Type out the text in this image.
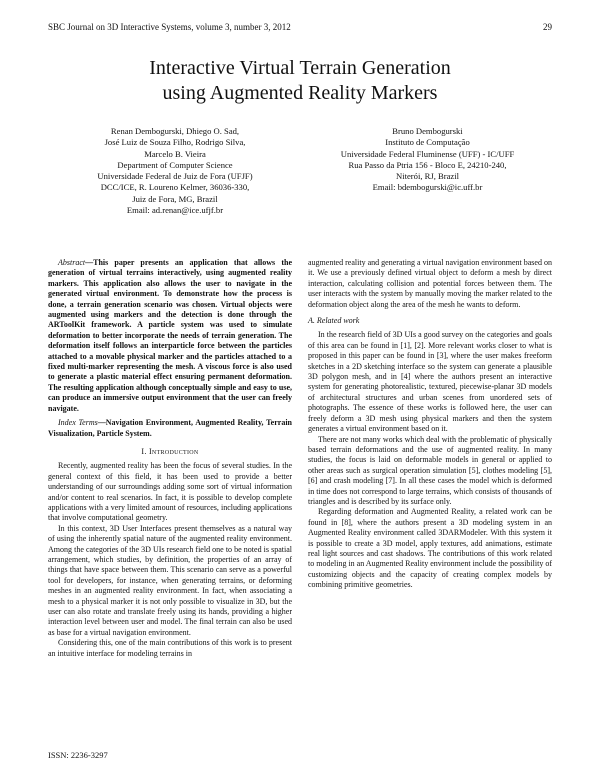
SBC Journal on 3D Interactive Systems, volume 3, number 3, 2012	29
Interactive Virtual Terrain Generation
using Augmented Reality Markers
Renan Dembogurski, Dhiego O. Sad,
José Luiz de Souza Filho, Rodrigo Silva,
Marcelo B. Vieira
Department of Computer Science
Universidade Federal de Juiz de Fora (UFJF)
DCC/ICE, R. Loureno Kelmer, 36036-330,
Juiz de Fora, MG, Brazil
Email: ad.renan@ice.ufjf.br
Bruno Dembogurski
Instituto de Computação
Universidade Federal Fluminense (UFF) - IC/UFF
Rua Passo da Ptria 156 - Bloco E, 24210-240,
Niterói, RJ, Brazil
Email: bdembogurski@ic.uff.br

Abstract—This paper presents an application that allows the generation of virtual terrains interactively, using augmented reality markers. This application also allows the user to navigate in the generated virtual environment. To demonstrate how the process is done, a terrain generation scenario was chosen. Virtual objects were augmented using markers and the detection is done through the ARToolKit framework. A particle system was used to simulate deformation to better incorporate the needs of terrain generation. The deformation itself follows an interparticle force between the particles attached to a movable physical marker and the particles attached to a fixed multi-marker representing the mesh. A viscous force is also used to generate a plastic material effect ensuring permanent deformation. The resulting application although conceptually simple and easy to use, can produce an immersive output environment that the user can freely navigate.

Index Terms—Navigation Environment, Augmented Reality, Terrain Visualization, Particle System.

I. Introduction

Recently, augmented reality has been the focus of several studies. In the general context of this field, it has been used to provide a better understanding of our surroundings adding some sort of virtual information and/or content to real scenarios. In fact, it is possible to develop complete applications with a very limited amount of resources, including applications that involve computational geometry.

In this context, 3D User Interfaces present themselves as a natural way of using the inherently spatial nature of the augmented reality environment. Among the categories of the 3D UIs research field one to be noted is spatial arrangement, which studies, by definition, the properties of an array of things that have space between them. This scenario can serve as a powerful tool for developers, for instance, when generating terrains, or deforming meshes in an augmented reality environment. In fact, when associating a mesh to a physical marker it is not only possible to visualize in 3D, but the user can also rotate and translate freely using its hands, providing a higher interaction level between user and model. The final terrain can also be used as base for a virtual navigation environment.

Considering this, one of the main contributions of this work is to present an intuitive interface for modeling terrains in

augmented reality and generating a virtual navigation environment based on it. We use a previously defined virtual object to deform a mesh by direct interaction, calculating collision and potential forces between them. The user interacts with the system by manually moving the marker related to the deformation object along the area of the mesh he wants to deform.

A. Related work

In the research field of 3D UIs a good survey on the categories and goals of this area can be found in [1], [2]. More relevant works closer to what is proposed in this paper can be found in [3], where the user makes freeform sketches in a 2D sketching interface so the system can generate a plausible 3D polygon mesh, and in [4] where the authors present an interactive system for generating photorealistic, textured, piecewise-planar 3D models of architectural structures and urban scenes from unordered sets of photographs. The essence of these works is followed here, the user can freely deform a 3D mesh using physical markers and then the system generates a virtual environment based on it.

There are not many works which deal with the problematic of physically based terrain deformations and the use of augmented reality. In many studies, the focus is laid on deformable models in general or applied to other areas such as surgical operation simulation [5], clothes modeling [5], [6] and crash modeling [7]. In all these cases the model which is deformed in time does not correspond to large terrains, which consists of thousands of triangles and is described by its surface only.

Regarding deformation and Augmented Reality, a related work can be found in [8], where the authors present a 3D modeling system in an Augmented Reality environment called 3DARModeler. With this system it is possible to create a 3D model, apply textures, add animations, estimate real light sources and cast shadows. The contributions of this work related to modeling in an Augmented Reality environment include the possibility of customizing objects and the capacity of creating complex models by combining primitive geometries.

ISSN: 2236-3297
